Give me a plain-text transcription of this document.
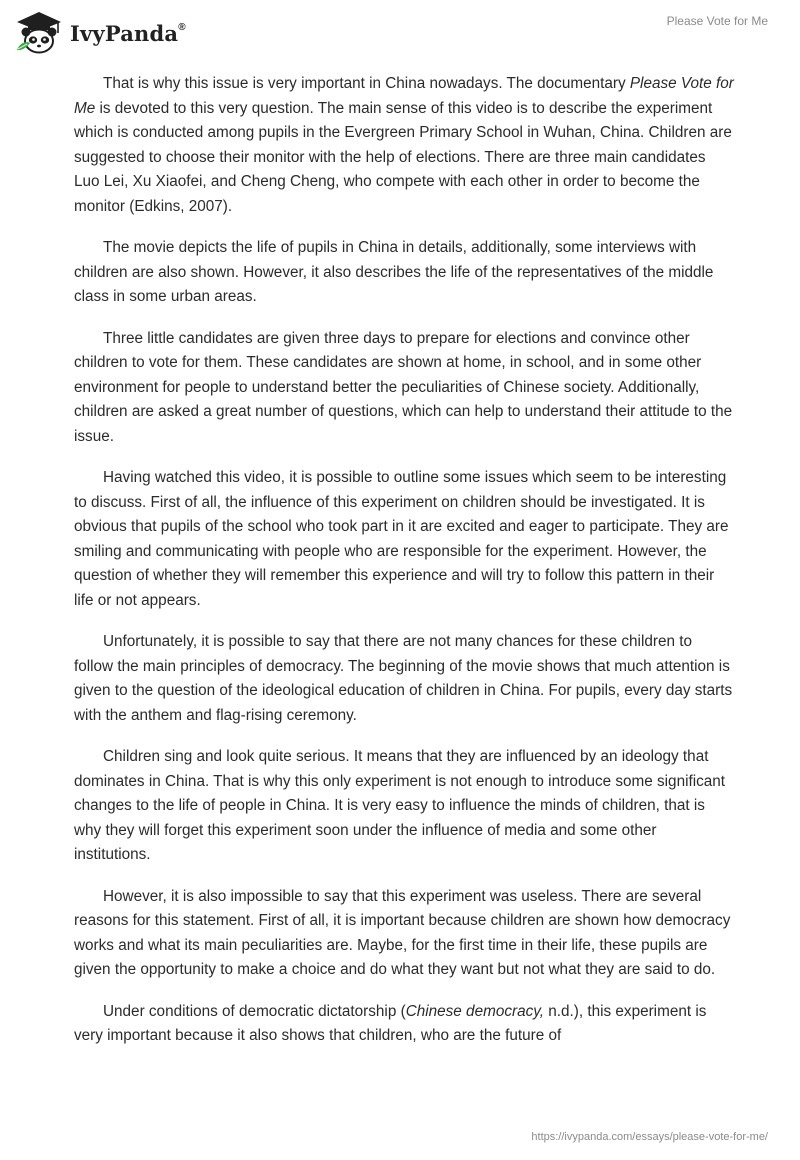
IvyPanda®	Please Vote for Me

That is why this issue is very important in China nowadays. The documentary Please Vote for Me is devoted to this very question. The main sense of this video is to describe the experiment which is conducted among pupils in the Evergreen Primary School in Wuhan, China. Children are suggested to choose their monitor with the help of elections. There are three main candidates Luo Lei, Xu Xiaofei, and Cheng Cheng, who compete with each other in order to become the monitor (Edkins, 2007).

The movie depicts the life of pupils in China in details, additionally, some interviews with children are also shown. However, it also describes the life of the representatives of the middle class in some urban areas.

Three little candidates are given three days to prepare for elections and convince other children to vote for them. These candidates are shown at home, in school, and in some other environment for people to understand better the peculiarities of Chinese society. Additionally, children are asked a great number of questions, which can help to understand their attitude to the issue.

Having watched this video, it is possible to outline some issues which seem to be interesting to discuss. First of all, the influence of this experiment on children should be investigated. It is obvious that pupils of the school who took part in it are excited and eager to participate. They are smiling and communicating with people who are responsible for the experiment. However, the question of whether they will remember this experience and will try to follow this pattern in their life or not appears.

Unfortunately, it is possible to say that there are not many chances for these children to follow the main principles of democracy. The beginning of the movie shows that much attention is given to the question of the ideological education of children in China. For pupils, every day starts with the anthem and flag-rising ceremony.

Children sing and look quite serious. It means that they are influenced by an ideology that dominates in China. That is why this only experiment is not enough to introduce some significant changes to the life of people in China. It is very easy to influence the minds of children, that is why they will forget this experiment soon under the influence of media and some other institutions.

However, it is also impossible to say that this experiment was useless. There are several reasons for this statement. First of all, it is important because children are shown how democracy works and what its main peculiarities are. Maybe, for the first time in their life, these pupils are given the opportunity to make a choice and do what they want but not what they are said to do.

Under conditions of democratic dictatorship (Chinese democracy, n.d.), this experiment is very important because it also shows that children, who are the future of

https://ivypanda.com/essays/please-vote-for-me/
